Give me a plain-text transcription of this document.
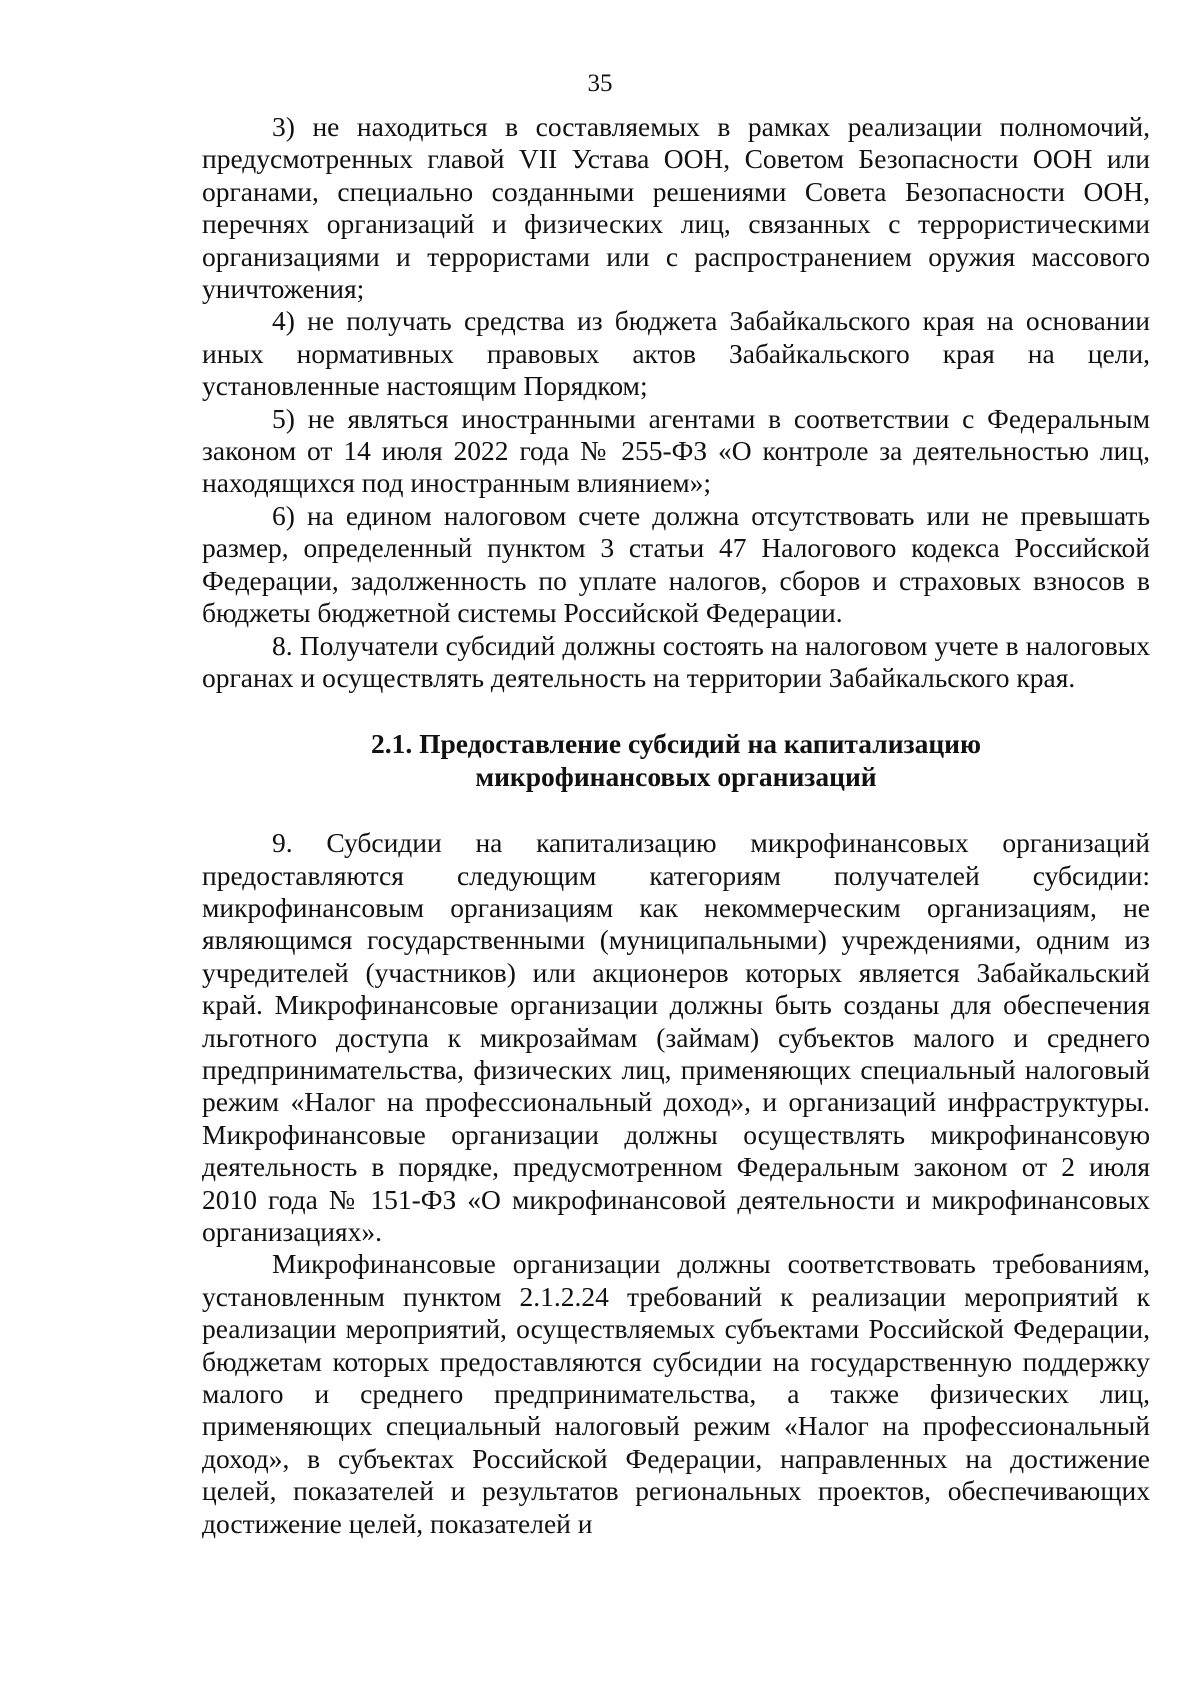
35

3) не находиться в составляемых в рамках реализации полномочий, предусмотренных главой VII Устава ООН, Советом Безопасности ООН или органами, специально созданными решениями Совета Безопасности ООН, перечнях организаций и физических лиц, связанных с террористическими организациями и террористами или с распространением оружия массового уничтожения;

4) не получать средства из бюджета Забайкальского края на основании иных нормативных правовых актов Забайкальского края на цели, установленные настоящим Порядком;

5) не являться иностранными агентами в соответствии с Федеральным законом от 14 июля 2022 года № 255-ФЗ «О контроле за деятельностью лиц, находящихся под иностранным влиянием»;

6) на едином налоговом счете должна отсутствовать или не превышать размер, определенный пунктом 3 статьи 47 Налогового кодекса Российской Федерации, задолженность по уплате налогов, сборов и страховых взносов в бюджеты бюджетной системы Российской Федерации.

8. Получатели субсидий должны состоять на налоговом учете в налоговых органах и осуществлять деятельность на территории Забайкальского края.

2.1. Предоставление субсидий на капитализацию
микрофинансовых организаций

9. Субсидии на капитализацию микрофинансовых организаций предоставляются следующим категориям получателей субсидии: микрофинансовым организациям как некоммерческим организациям, не являющимся государственными (муниципальными) учреждениями, одним из учредителей (участников) или акционеров которых является Забайкальский край. Микрофинансовые организации должны быть созданы для обеспечения льготного доступа к микрозаймам (займам) субъектов малого и среднего предпринимательства, физических лиц, применяющих специальный налоговый режим «Налог на профессиональный доход», и организаций инфраструктуры. Микрофинансовые организации должны осуществлять микрофинансовую деятельность в порядке, предусмотренном Федеральным законом от 2 июля 2010 года № 151-ФЗ «О микрофинансовой деятельности и микрофинансовых организациях».

Микрофинансовые организации должны соответствовать требованиям, установленным пунктом 2.1.2.24 требований к реализации мероприятий к реализации мероприятий, осуществляемых субъектами Российской Федерации, бюджетам которых предоставляются субсидии на государственную поддержку малого и среднего предпринимательства, а также физических лиц, применяющих специальный налоговый режим «Налог на профессиональный доход», в субъектах Российской Федерации, направленных на достижение целей, показателей и результатов региональных проектов, обеспечивающих достижение целей, показателей и
